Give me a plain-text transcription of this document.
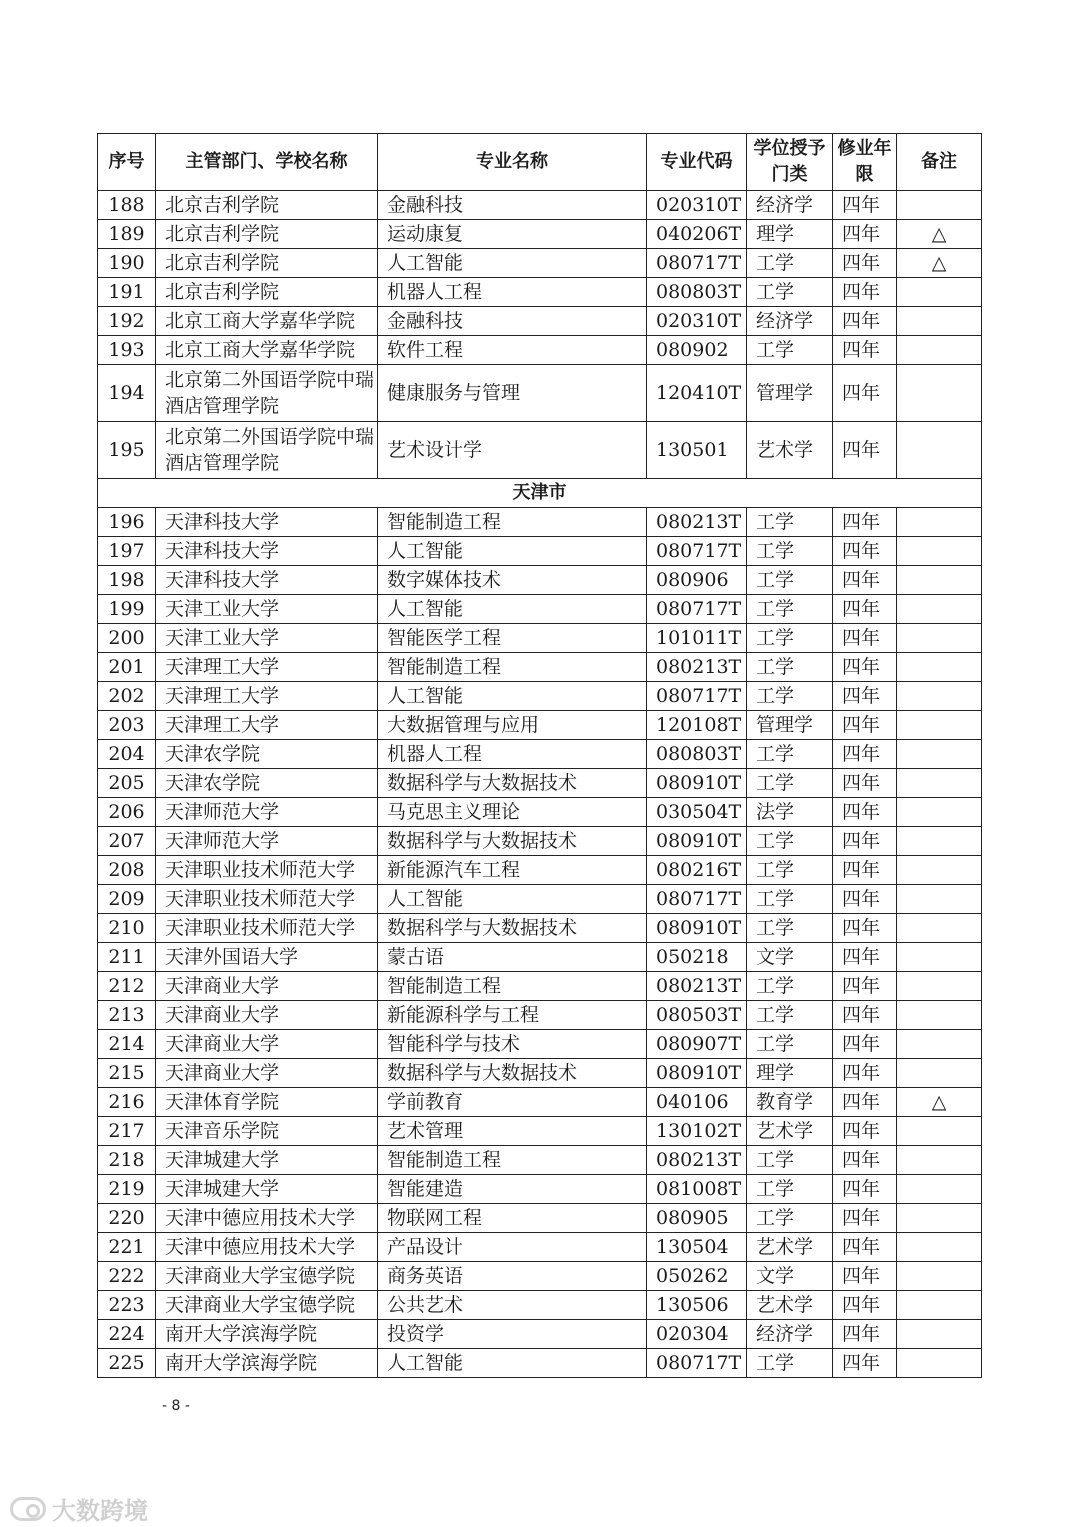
序号	主管部门、学校名称	专业名称	专业代码	学位授予门类	修业年限	备注
188	北京吉利学院	金融科技	020310T	经济学	四年	
189	北京吉利学院	运动康复	040206T	理学	四年	△
190	北京吉利学院	人工智能	080717T	工学	四年	△
191	北京吉利学院	机器人工程	080803T	工学	四年	
192	北京工商大学嘉华学院	金融科技	020310T	经济学	四年	
193	北京工商大学嘉华学院	软件工程	080902	工学	四年	
194	北京第二外国语学院中瑞酒店管理学院	健康服务与管理	120410T	管理学	四年	
195	北京第二外国语学院中瑞酒店管理学院	艺术设计学	130501	艺术学	四年	
天津市						
196	天津科技大学	智能制造工程	080213T	工学	四年	
197	天津科技大学	人工智能	080717T	工学	四年	
198	天津科技大学	数字媒体技术	080906	工学	四年	
199	天津工业大学	人工智能	080717T	工学	四年	
200	天津工业大学	智能医学工程	101011T	工学	四年	
201	天津理工大学	智能制造工程	080213T	工学	四年	
202	天津理工大学	人工智能	080717T	工学	四年	
203	天津理工大学	大数据管理与应用	120108T	管理学	四年	
204	天津农学院	机器人工程	080803T	工学	四年	
205	天津农学院	数据科学与大数据技术	080910T	工学	四年	
206	天津师范大学	马克思主义理论	030504T	法学	四年	
207	天津师范大学	数据科学与大数据技术	080910T	工学	四年	
208	天津职业技术师范大学	新能源汽车工程	080216T	工学	四年	
209	天津职业技术师范大学	人工智能	080717T	工学	四年	
210	天津职业技术师范大学	数据科学与大数据技术	080910T	工学	四年	
211	天津外国语大学	蒙古语	050218	文学	四年	
212	天津商业大学	智能制造工程	080213T	工学	四年	
213	天津商业大学	新能源科学与工程	080503T	工学	四年	
214	天津商业大学	智能科学与技术	080907T	工学	四年	
215	天津商业大学	数据科学与大数据技术	080910T	理学	四年	
216	天津体育学院	学前教育	040106	教育学	四年	△
217	天津音乐学院	艺术管理	130102T	艺术学	四年	
218	天津城建大学	智能制造工程	080213T	工学	四年	
219	天津城建大学	智能建造	081008T	工学	四年	
220	天津中德应用技术大学	物联网工程	080905	工学	四年	
221	天津中德应用技术大学	产品设计	130504	艺术学	四年	
222	天津商业大学宝德学院	商务英语	050262	文学	四年	
223	天津商业大学宝德学院	公共艺术	130506	艺术学	四年	
224	南开大学滨海学院	投资学	020304	经济学	四年	
225	南开大学滨海学院	人工智能	080717T	工学	四年	
- 8 -
大数跨境
